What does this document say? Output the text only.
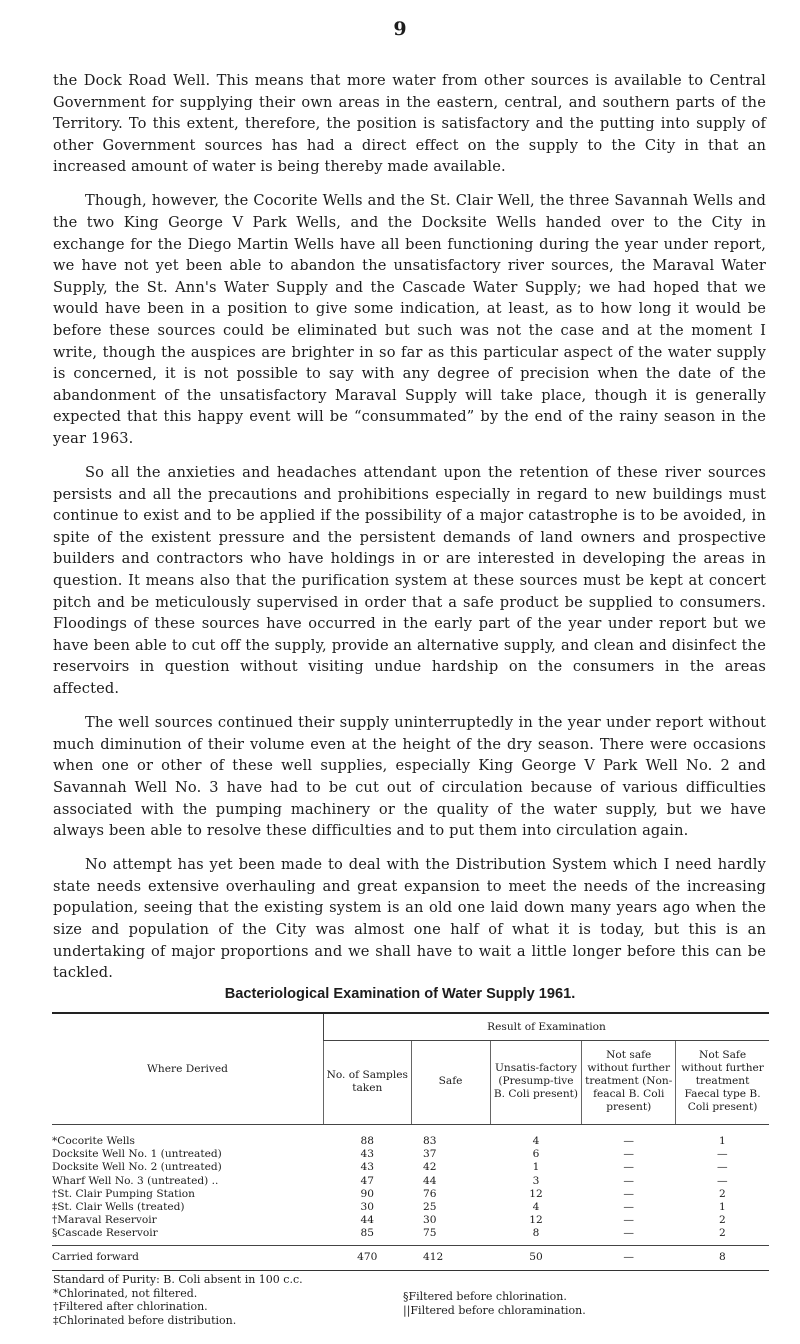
9

the Dock Road Well. This means that more water from other sources is available to Central Government for supplying their own areas in the eastern, central, and southern parts of the Territory. To this extent, therefore, the position is satisfactory and the putting into supply of other Government sources has had a direct effect on the supply to the City in that an increased amount of water is being thereby made available.

Though, however, the Cocorite Wells and the St. Clair Well, the three Savannah Wells and the two King George V Park Wells, and the Docksite Wells handed over to the City in exchange for the Diego Martin Wells have all been functioning during the year under report, we have not yet been able to abandon the unsatisfactory river sources, the Maraval Water Supply, the St. Ann's Water Supply and the Cascade Water Supply; we had hoped that we would have been in a position to give some indication, at least, as to how long it would be before these sources could be eliminated but such was not the case and at the moment I write, though the auspices are brighter in so far as this particular aspect of the water supply is concerned, it is not possible to say with any degree of precision when the date of the abandonment of the unsatisfactory Maraval Supply will take place, though it is generally expected that this happy event will be “consummated” by the end of the rainy season in the year 1963.

So all the anxieties and headaches attendant upon the retention of these river sources persists and all the precautions and prohibitions especially in regard to new buildings must continue to exist and to be applied if the possibility of a major catastrophe is to be avoided, in spite of the existent pressure and the persistent demands of land owners and prospective builders and contractors who have holdings in or are interested in developing the areas in question. It means also that the purification system at these sources must be kept at concert pitch and be meticulously supervised in order that a safe product be supplied to consumers. Floodings of these sources have occurred in the early part of the year under report but we have been able to cut off the supply, provide an alternative supply, and clean and disinfect the reservoirs in question without visiting undue hardship on the consumers in the areas affected.

The well sources continued their supply uninterruptedly in the year under report without much diminution of their volume even at the height of the dry season. There were occasions when one or other of these well supplies, especially King George V Park Well No. 2 and Savannah Well No. 3 have had to be cut out of circulation because of various difficulties associated with the pumping machinery or the quality of the water supply, but we have always been able to resolve these difficulties and to put them into circulation again.

No attempt has yet been made to deal with the Distribution System which I need hardly state needs extensive overhauling and great expansion to meet the needs of the increasing population, seeing that the existing system is an old one laid down many years ago when the size and population of the City was almost one half of what it is today, but this is an undertaking of major proportions and we shall have to wait a little longer before this can be tackled.

Bacteriological Examination of Water Supply 1961.
Where Derived	Result of Examination				
	No. of Samples taken	Safe	Unsatis-factory (Presump-tive B. Coli present)	Not safe without further treatment (Non-feacal B. Coli present)	Not Safe without further treatment Faecal type B. Coli present)
*Cocorite Wells	88	83	4	—	1
Docksite Well No. 1 (untreated)	43	37	6	—	—
Docksite Well No. 2 (untreated)	43	42	1	—	—
Wharf Well No. 3 (untreated) ..	47	44	3	—	—
†St. Clair Pumping Station	90	76	12	—	2
‡St. Clair Wells (treated)	30	25	4	—	1
†Maraval Reservoir	44	30	12	—	2
§Cascade Reservoir	85	75	8	—	2

Carried forward	470	412	50	—	8
Standard of Purity: B. Coli absent in 100 c.c.
*Chlorinated, not filtered.
†Filtered after chlorination.
‡Chlorinated before distribution.
§Filtered before chlorination.
||Filtered before chloramination.
